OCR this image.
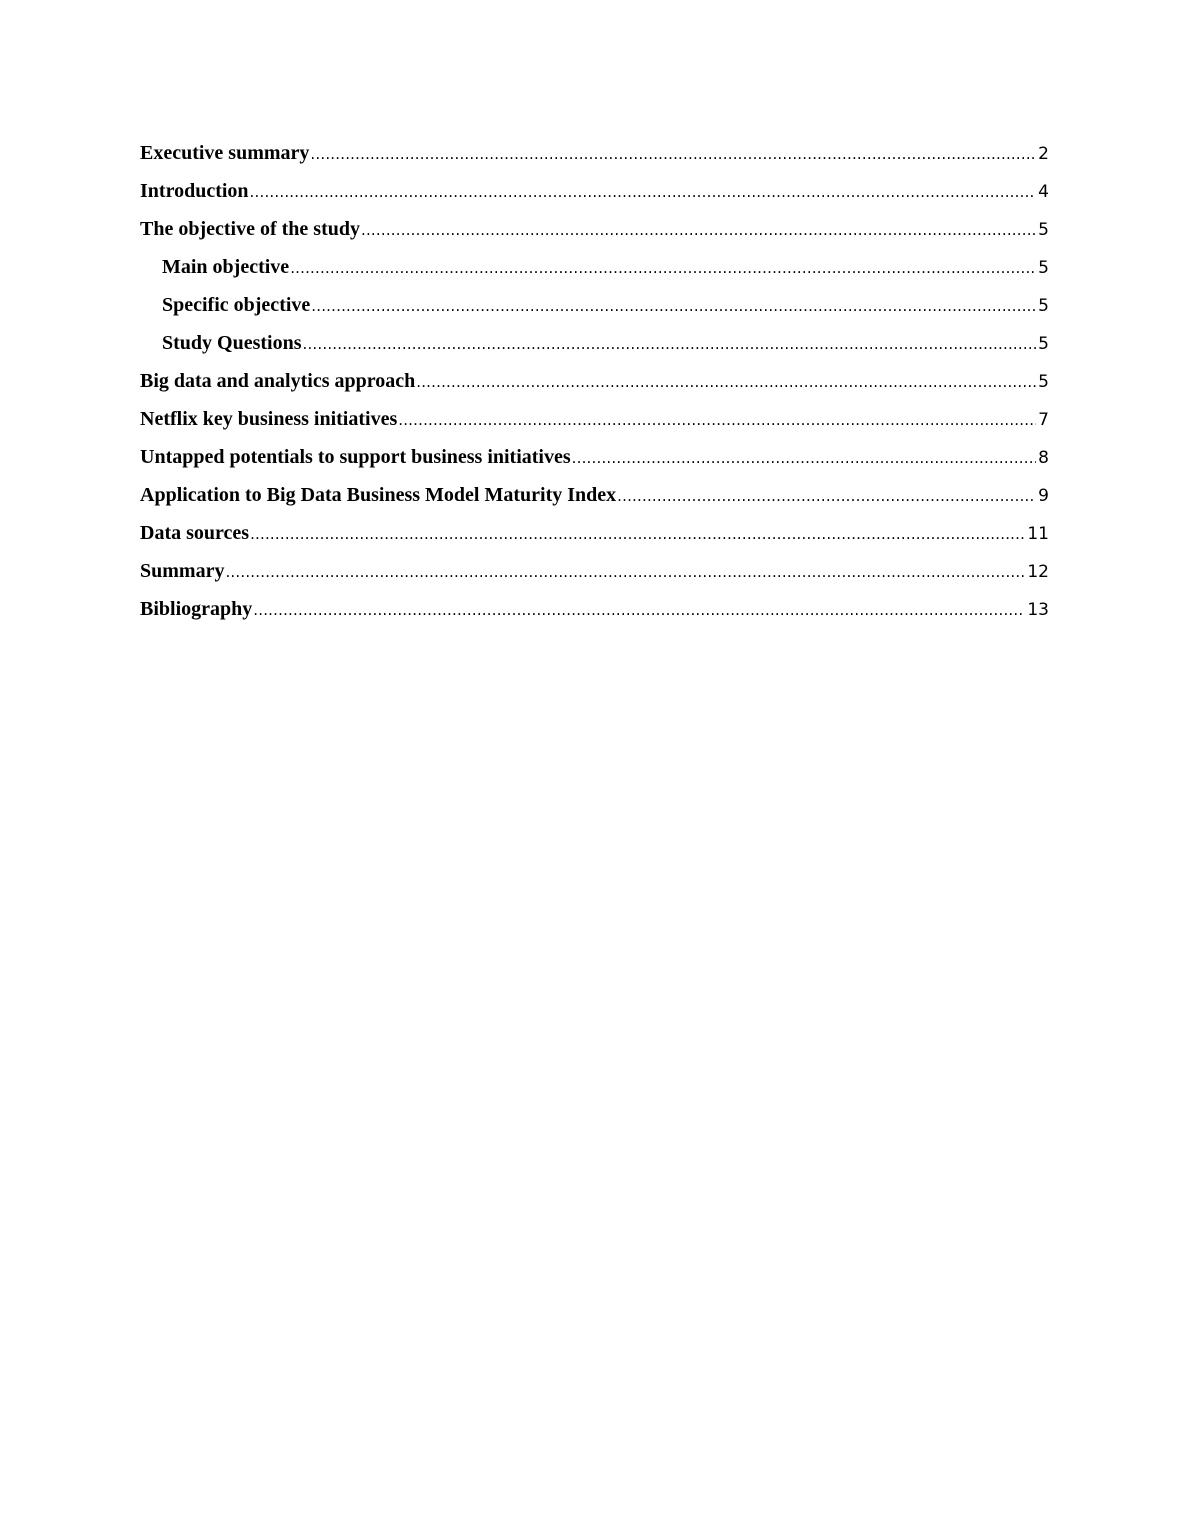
Executive summary .....	2
Introduction .....	4
The objective of the study .....	5
Main objective .....	5
Specific objective .....	5
Study Questions .....	5
Big data and analytics approach .....	5
Netflix key business initiatives .....	7
Untapped potentials to support business initiatives .....	8
Application to Big Data Business Model Maturity Index .....	9
Data sources .....	11
Summary .....	12
Bibliography .....	13
